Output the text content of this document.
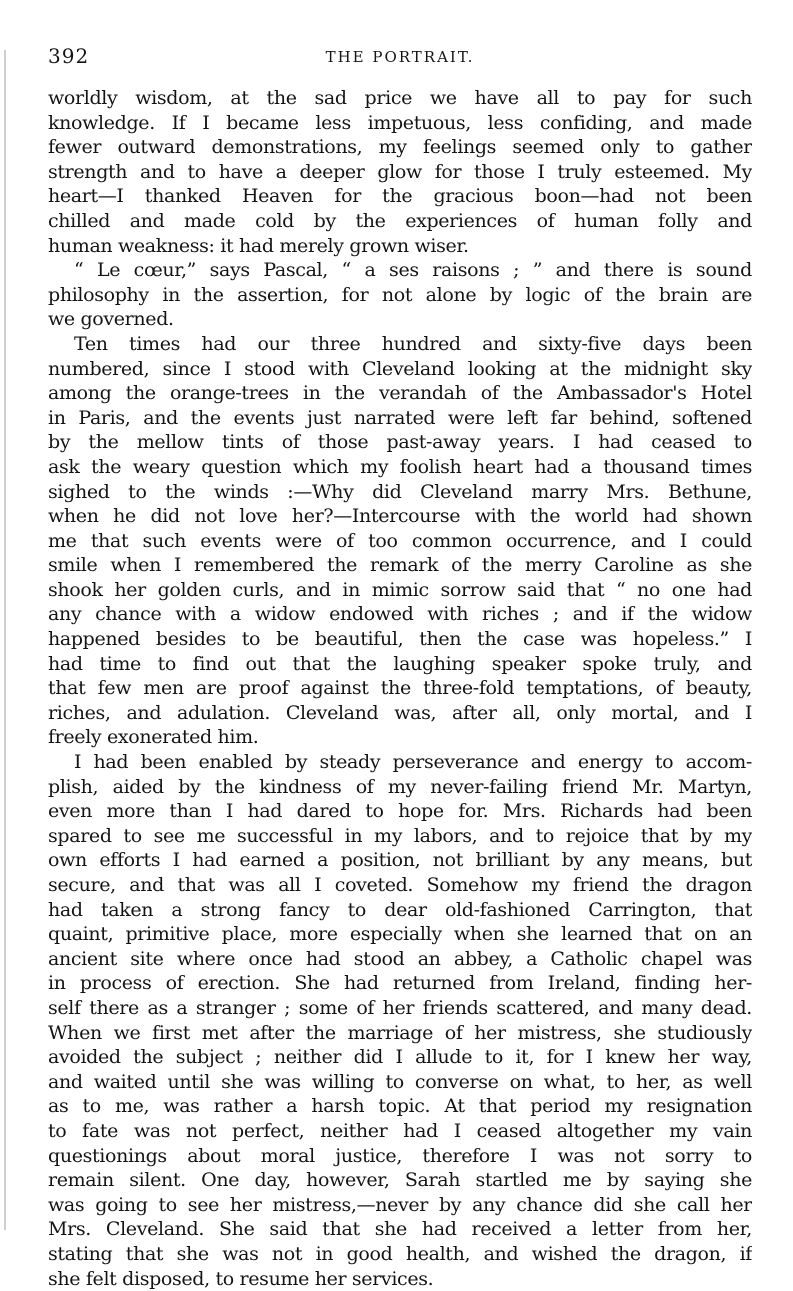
392	THE PORTRAIT.
worldly wisdom, at the sad price we have all to pay for such
knowledge. If I became less impetuous, less confiding, and made
fewer outward demonstrations, my feelings seemed only to gather
strength and to have a deeper glow for those I truly esteemed. My
heart—I thanked Heaven for the gracious boon—had not been
chilled and made cold by the experiences of human folly and
human weakness: it had merely grown wiser.
“ Le cœur,” says Pascal, “ a ses raisons ; ” and there is sound
philosophy in the assertion, for not alone by logic of the brain are
we governed.
Ten times had our three hundred and sixty-five days been
numbered, since I stood with Cleveland looking at the midnight sky
among the orange-trees in the verandah of the Ambassador's Hotel
in Paris, and the events just narrated were left far behind, softened
by the mellow tints of those past-away years. I had ceased to
ask the weary question which my foolish heart had a thousand times
sighed to the winds :—Why did Cleveland marry Mrs. Bethune,
when he did not love her?—Intercourse with the world had shown
me that such events were of too common occurrence, and I could
smile when I remembered the remark of the merry Caroline as she
shook her golden curls, and in mimic sorrow said that “ no one had
any chance with a widow endowed with riches ; and if the widow
happened besides to be beautiful, then the case was hopeless.” I
had time to find out that the laughing speaker spoke truly, and
that few men are proof against the three-fold temptations, of beauty,
riches, and adulation. Cleveland was, after all, only mortal, and I
freely exonerated him.
I had been enabled by steady perseverance and energy to accom-
plish, aided by the kindness of my never-failing friend Mr. Martyn,
even more than I had dared to hope for. Mrs. Richards had been
spared to see me successful in my labors, and to rejoice that by my
own efforts I had earned a position, not brilliant by any means, but
secure, and that was all I coveted. Somehow my friend the dragon
had taken a strong fancy to dear old-fashioned Carrington, that
quaint, primitive place, more especially when she learned that on an
ancient site where once had stood an abbey, a Catholic chapel was
in process of erection. She had returned from Ireland, finding her-
self there as a stranger ; some of her friends scattered, and many dead.
When we first met after the marriage of her mistress, she studiously
avoided the subject ; neither did I allude to it, for I knew her way,
and waited until she was willing to converse on what, to her, as well
as to me, was rather a harsh topic. At that period my resignation
to fate was not perfect, neither had I ceased altogether my vain
questionings about moral justice, therefore I was not sorry to
remain silent. One day, however, Sarah startled me by saying she
was going to see her mistress,—never by any chance did she call her
Mrs. Cleveland. She said that she had received a letter from her,
stating that she was not in good health, and wished the dragon, if
she felt disposed, to resume her services.
